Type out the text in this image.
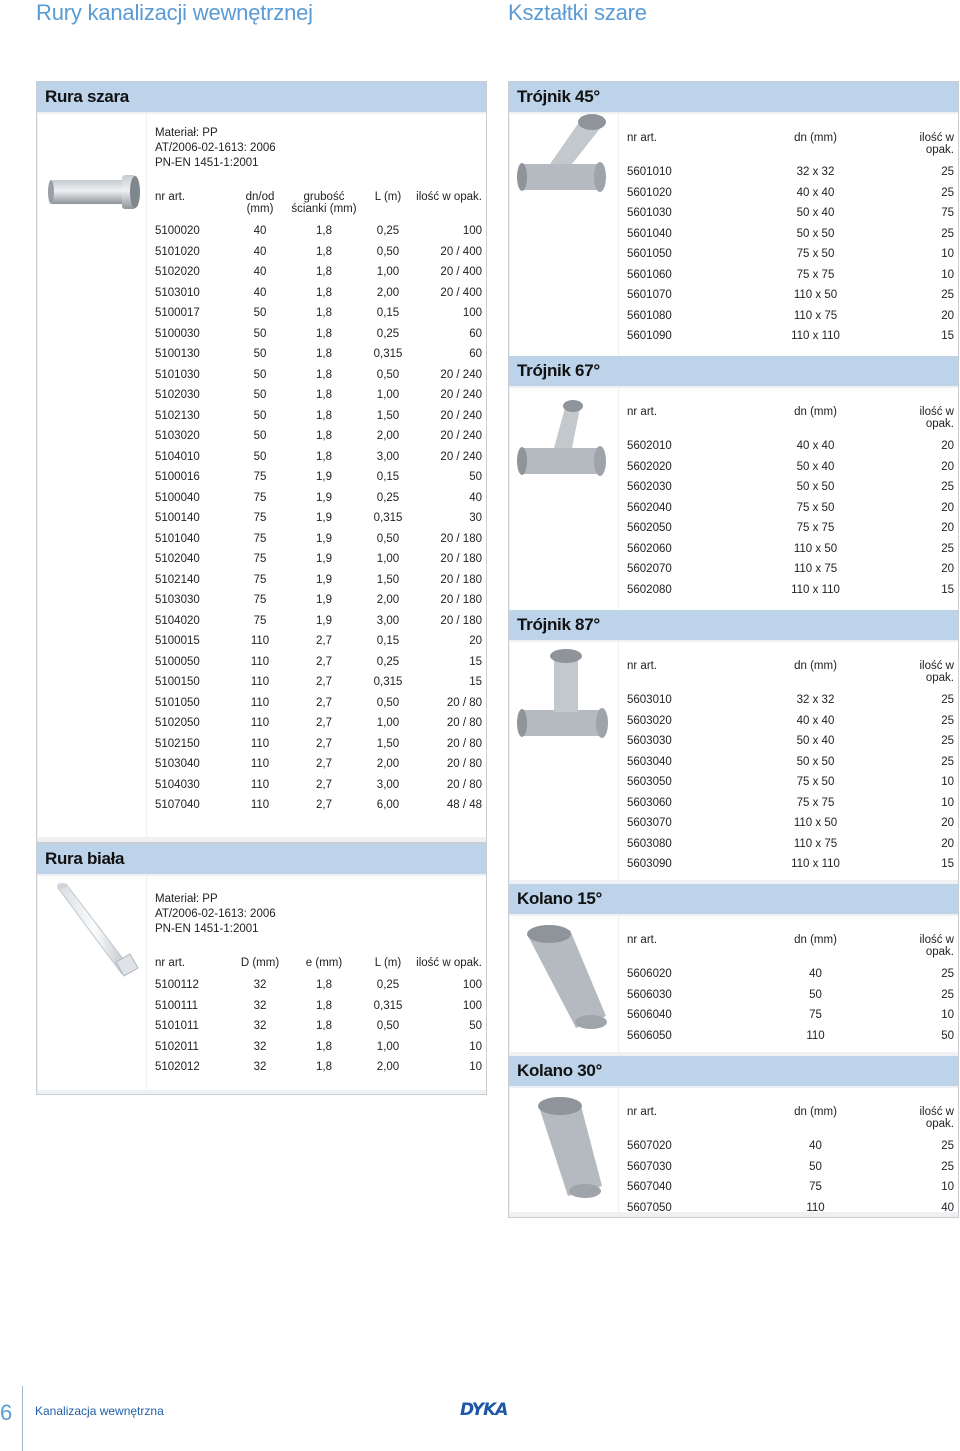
Rury kanalizacji wewnętrznej	Kształtki szare
Rura szara
Materiał: PP
AT/2006-02-1613: 2006
PN-EN 1451-1:2001
nr art.	dn/od (mm)	grubość ścianki (mm)	L (m)	ilość w opak.
5100020	40	1,8	0,25	100
5101020	40	1,8	0,50	20 / 400
5102020	40	1,8	1,00	20 / 400
5103010	40	1,8	2,00	20 / 400
5100017	50	1,8	0,15	100
5100030	50	1,8	0,25	60
5100130	50	1,8	0,315	60
5101030	50	1,8	0,50	20 / 240
5102030	50	1,8	1,00	20 / 240
5102130	50	1,8	1,50	20 / 240
5103020	50	1,8	2,00	20 / 240
5104010	50	1,8	3,00	20 / 240
5100016	75	1,9	0,15	50
5100040	75	1,9	0,25	40
5100140	75	1,9	0,315	30
5101040	75	1,9	0,50	20 / 180
5102040	75	1,9	1,00	20 / 180
5102140	75	1,9	1,50	20 / 180
5103030	75	1,9	2,00	20 / 180
5104020	75	1,9	3,00	20 / 180
5100015	110	2,7	0,15	20
5100050	110	2,7	0,25	15
5100150	110	2,7	0,315	15
5101050	110	2,7	0,50	20 / 80
5102050	110	2,7	1,00	20 / 80
5102150	110	2,7	1,50	20 / 80
5103040	110	2,7	2,00	20 / 80
5104030	110	2,7	3,00	20 / 80
5107040	110	2,7	6,00	48 / 48
Rura biała
Materiał: PP
AT/2006-02-1613: 2006
PN-EN 1451-1:2001
nr art.	D (mm)	e (mm)	L (m)	ilość w opak.
5100112	32	1,8	0,25	100
5100111	32	1,8	0,315	100
5101011	32	1,8	0,50	50
5102011	32	1,8	1,00	10
5102012	32	1,8	2,00	10
Trójnik 45°
nr art.	dn (mm)	ilość w opak.
5601010	32 x 32	25
5601020	40 x 40	25
5601030	50 x 40	75
5601040	50 x 50	25
5601050	75 x 50	10
5601060	75 x 75	10
5601070	110 x 50	25
5601080	110 x 75	20
5601090	110 x 110	15
Trójnik 67°
nr art.	dn (mm)	ilość w opak.
5602010	40 x 40	20
5602020	50 x 40	20
5602030	50 x 50	25
5602040	75 x 50	20
5602050	75 x 75	20
5602060	110 x 50	25
5602070	110 x 75	20
5602080	110 x 110	15
Trójnik 87°
nr art.	dn (mm)	ilość w opak.
5603010	32 x 32	25
5603020	40 x 40	25
5603030	50 x 40	25
5603040	50 x 50	25
5603050	75 x 50	10
5603060	75 x 75	10
5603070	110 x 50	20
5603080	110 x 75	20
5603090	110 x 110	15
Kolano 15°
nr art.	dn (mm)	ilość w opak.
5606020	40	25
5606030	50	25
5606040	75	10
5606050	110	50
Kolano 30°
nr art.	dn (mm)	ilość w opak.
5607020	40	25
5607030	50	25
5607040	75	10
5607050	110	40
6 Kanalizacja wewnętrzna	DYKA
